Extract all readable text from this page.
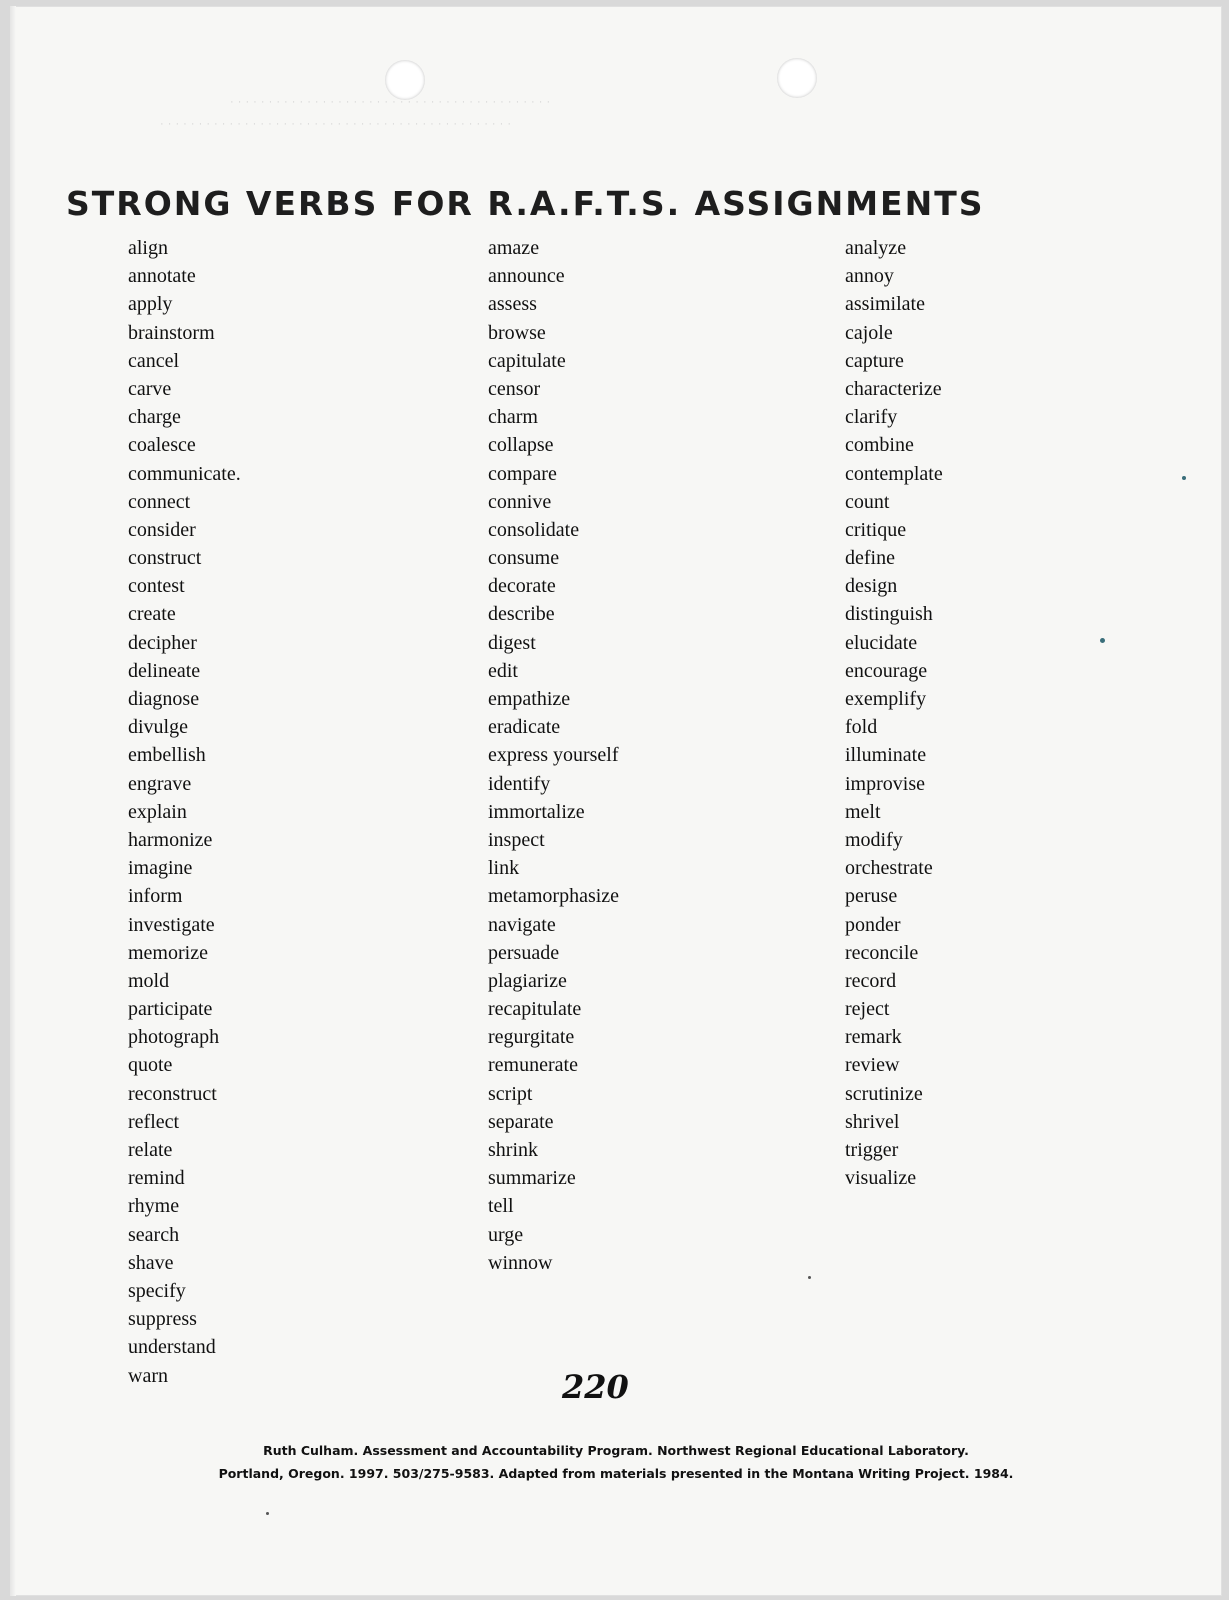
· · · · · · · · · · · · · · · · · · · · · · · · · · · · · · · · · · · · · · · · · ·
· · · · · · · · · · · · · · · · · · · · · · · · · · · · · · · · · · · · · · · · · · · · · ·
STRONG VERBS FOR R.A.F.T.S. ASSIGNMENTS
align
annotate
apply
brainstorm
cancel
carve
charge
coalesce
communicate.
connect
consider
construct
contest
create
decipher
delineate
diagnose
divulge
embellish
engrave
explain
harmonize
imagine
inform
investigate
memorize
mold
participate
photograph
quote
reconstruct
reflect
relate
remind
rhyme
search
shave
specify
suppress
understand
warn
amaze
announce
assess
browse
capitulate
censor
charm
collapse
compare
connive
consolidate
consume
decorate
describe
digest
edit
empathize
eradicate
express yourself
identify
immortalize
inspect
link
metamorphasize
navigate
persuade
plagiarize
recapitulate
regurgitate
remunerate
script
separate
shrink
summarize
tell
urge
winnow
analyze
annoy
assimilate
cajole
capture
characterize
clarify
combine
contemplate
count
critique
define
design
distinguish
elucidate
encourage
exemplify
fold
illuminate
improvise
melt
modify
orchestrate
peruse
ponder
reconcile
record
reject
remark
review
scrutinize
shrivel
trigger
visualize
220
Ruth Culham. Assessment and Accountability Program. Northwest Regional Educational Laboratory.
Portland, Oregon. 1997. 503/275-9583. Adapted from materials presented in the Montana Writing Project. 1984.
